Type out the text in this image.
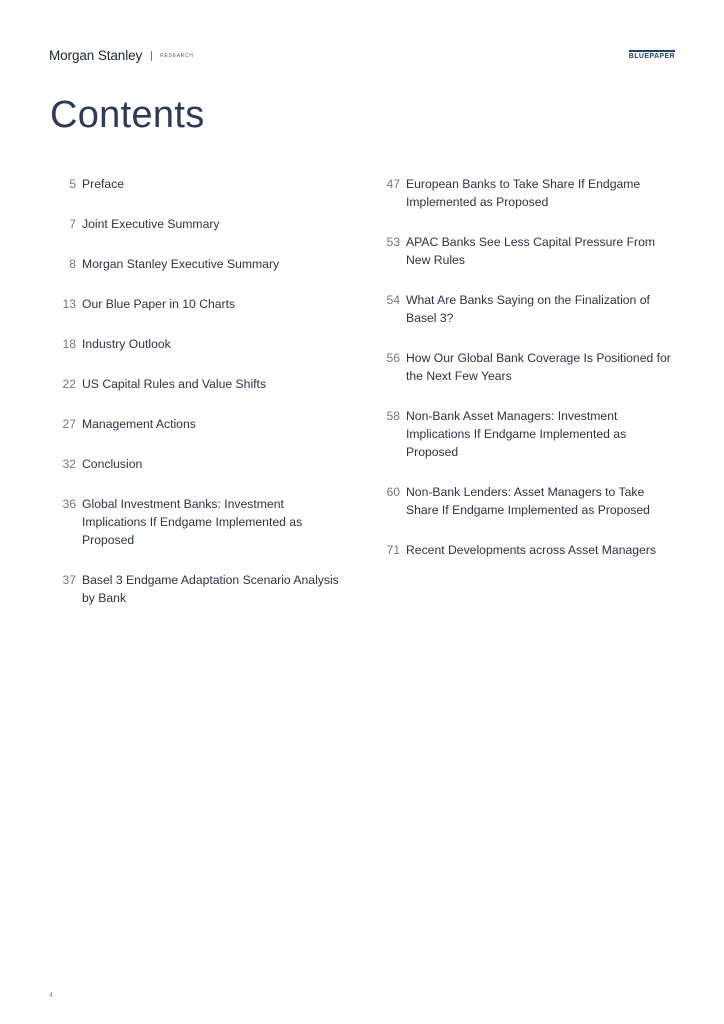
Morgan Stanley	RESEARCH	BLUEPAPER
Contents
5 Preface
7 Joint Executive Summary
8 Morgan Stanley Executive Summary
13 Our Blue Paper in 10 Charts
18 Industry Outlook
22 US Capital Rules and Value Shifts
27 Management Actions
32 Conclusion
36 Global Investment Banks: Investment Implications If Endgame Implemented as Proposed
37 Basel 3 Endgame Adaptation Scenario Analysis by Bank
47 European Banks to Take Share If Endgame Implemented as Proposed
53 APAC Banks See Less Capital Pressure From New Rules
54 What Are Banks Saying on the Finalization of Basel 3?
56 How Our Global Bank Coverage Is Positioned for the Next Few Years
58 Non-Bank Asset Managers: Investment Implications If Endgame Implemented as Proposed
60 Non-Bank Lenders: Asset Managers to Take Share If Endgame Implemented as Proposed
71 Recent Developments across Asset Managers
4
